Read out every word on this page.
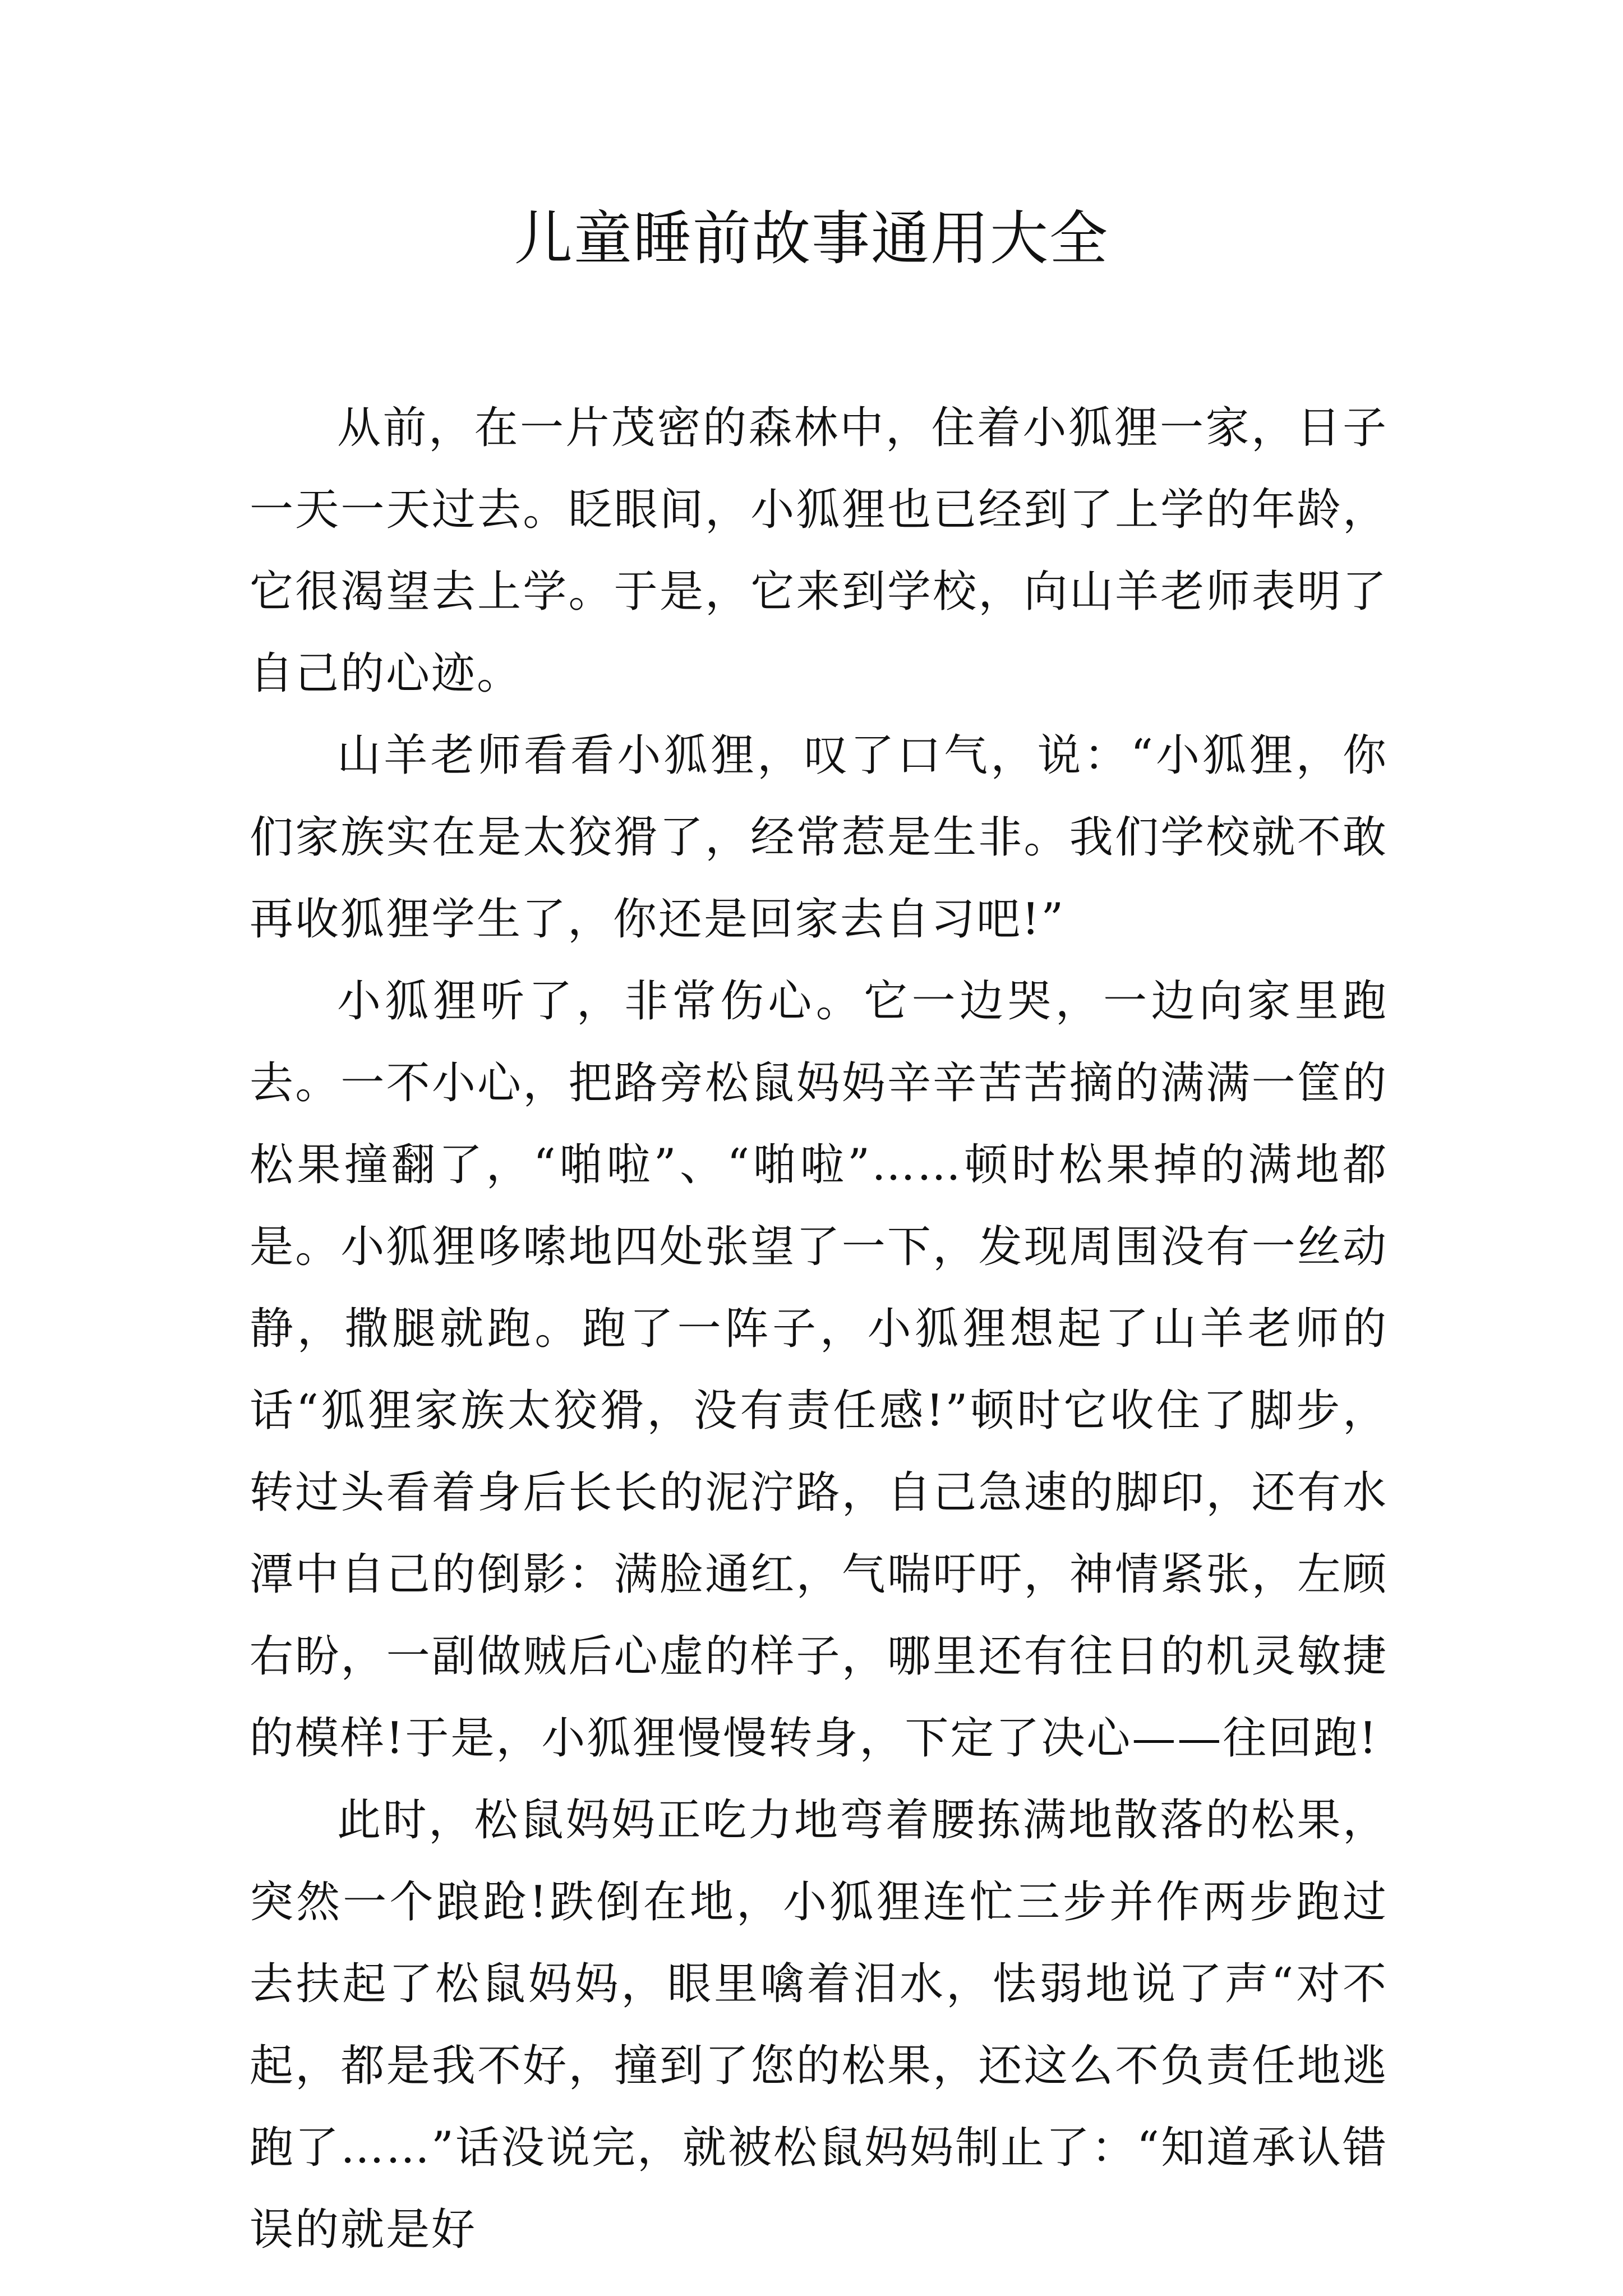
儿童睡前故事通用大全

从前，在一片茂密的森林中，住着小狐狸一家，日子一天一天过去。眨眼间，小狐狸也已经到了上学的年龄，它很渴望去上学。于是，它来到学校，向山羊老师表明了自己的心迹。

山羊老师看看小狐狸，叹了口气，说：“小狐狸，你们家族实在是太狡猾了，经常惹是生非。我们学校就不敢再收狐狸学生了，你还是回家去自习吧!”

小狐狸听了，非常伤心。它一边哭，一边向家里跑去。一不小心，把路旁松鼠妈妈辛辛苦苦摘的满满一筐的松果撞翻了，“啪啦”、“啪啦”……顿时松果掉的满地都是。小狐狸哆嗦地四处张望了一下，发现周围没有一丝动静，撒腿就跑。跑了一阵子，小狐狸想起了山羊老师的话“狐狸家族太狡猾，没有责任感!”顿时它收住了脚步，转过头看着身后长长的泥泞路，自己急速的脚印，还有水潭中自己的倒影：满脸通红，气喘吁吁，神情紧张，左顾右盼，一副做贼后心虚的样子，哪里还有往日的机灵敏捷的模样!于是，小狐狸慢慢转身，下定了决心——往回跑!

此时，松鼠妈妈正吃力地弯着腰拣满地散落的松果，突然一个踉跄!跌倒在地，小狐狸连忙三步并作两步跑过去扶起了松鼠妈妈，眼里噙着泪水，怯弱地说了声“对不起，都是我不好，撞到了您的松果，还这么不负责任地逃跑了……”话没说完，就被松鼠妈妈制止了：“知道承认错误的就是好
